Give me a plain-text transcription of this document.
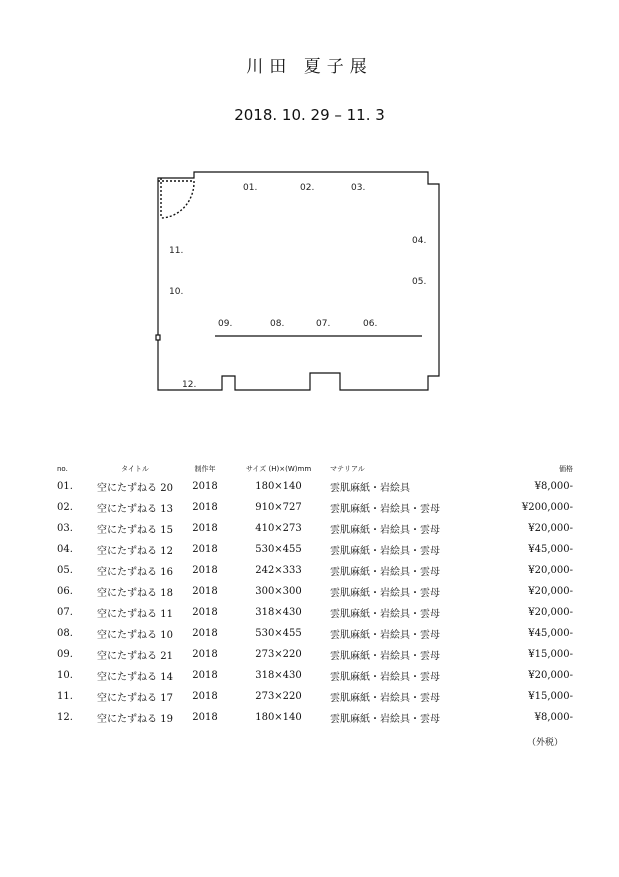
川田 夏子展
2018. 10. 29 – 11. 3
01.	02.	03.
04.
05.
06.
07.
08.
09.
10.
11.
12.
no.	タイトル	制作年	サイズ (H)×(W)mm	マテリアル	価格
01.	空にたずねる 20	2018	180×140	雲肌麻紙・岩絵具	¥8,000-
02.	空にたずねる 13	2018	910×727	雲肌麻紙・岩絵具・雲母	¥200,000-
03.	空にたずねる 15	2018	410×273	雲肌麻紙・岩絵具・雲母	¥20,000-
04.	空にたずねる 12	2018	530×455	雲肌麻紙・岩絵具・雲母	¥45,000-
05.	空にたずねる 16	2018	242×333	雲肌麻紙・岩絵具・雲母	¥20,000-
06.	空にたずねる 18	2018	300×300	雲肌麻紙・岩絵具・雲母	¥20,000-
07.	空にたずねる 11	2018	318×430	雲肌麻紙・岩絵具・雲母	¥20,000-
08.	空にたずねる 10	2018	530×455	雲肌麻紙・岩絵具・雲母	¥45,000-
09.	空にたずねる 21	2018	273×220	雲肌麻紙・岩絵具・雲母	¥15,000-
10.	空にたずねる 14	2018	318×430	雲肌麻紙・岩絵具・雲母	¥20,000-
11.	空にたずねる 17	2018	273×220	雲肌麻紙・岩絵具・雲母	¥15,000-
12.	空にたずねる 19	2018	180×140	雲肌麻紙・岩絵具・雲母	¥8,000-
（外税）
